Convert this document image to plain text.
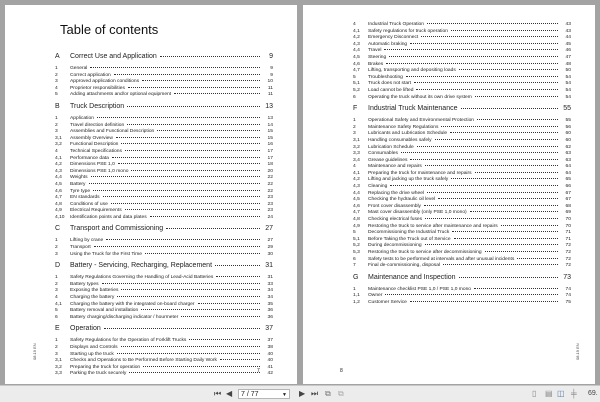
Table of contents
A	Correct Use and Application	9
1	General	9
2	Correct application	9
3	Approved application conditions	10
4	Proprietor responsibilities	11
5	Adding attachments and/or optional equipment	11
B	Truck Description	13
1	Application	13
2	Travel direction definition	14
3	Assemblies and Functional Description	15
3,1	Assembly Overview	15
3,2	Functional Description	16
4	Technical Specifications	17
4,1	Performance data	17
4,2	Dimensions PSE 1,0	18
4,3	Dimensions PSE 1,0 mono	20
4,4	Weights	22
4,5	Battery	22
4,6	Tyre type	22
4,7	EN standards	23
4,8	Conditions of use	23
4,9	Electrical Requirements	23
4,10	Identification points and data plates	24
C	Transport and Commissioning	27
1	Lifting by crane	27
2	Transport	29
3	Using the Truck for the First Time	30
D	Battery - Servicing, Recharging, Replacement	31
1	Safety Regulations Governing the Handling of Lead-Acid Batteries	31
2	Battery types	33
3	Exposing the batteries	34
4	Charging the battery	34
4,1	Charging the battery with the integrated on-board charger	35
5	Battery removal and installation	36
6	Battery charging/discharging indicator / hourmeter	36
E	Operation	37
1	Safety Regulations for the Operation of Forklift Trucks	37
2	Displays and Controls	38
3	Starting up the truck	40
3,1	Checks and Operations to Be Performed Before Starting Daily Work	40
3,2	Preparing the truck for operation	41
3,3	Parking the truck securely	42
08.19 EN
7
4	Industrial Truck Operation	43
4,1	Safety regulations for truck operation	43
4,2	Emergency Disconnect	44
4,3	Automatic braking	45
4,4	Travel	46
4,5	Steering	47
4,6	Brakes	48
4,7	Lifting, transporting and depositing loads	50
5	Troubleshooting	54
5,1	Truck does not start	54
5,2	Load cannot be lifted	54
6	Operating the truck without its own drive system	54
F	Industrial Truck Maintenance	55
1	Operational Safety and Environmental Protection	55
2	Maintenance Safety Regulations	56
3	Lubricants and Lubrication Schedule	60
3,1	Handling consumables safely	60
3,2	Lubrication Schedule	62
3,3	Consumables	63
3,4	Grease guidelines	63
4	Maintenance and repairs	64
4,1	Preparing the truck for maintenance and repairs	64
4,2	Lifting and jacking up the truck safely	65
4,3	Cleaning	66
4,4	Replacing the drive wheel	67
4,5	Checking the hydraulic oil level	67
4,6	Front cover disassembly	68
4,7	Mast cover disassembly (only PSE 1,0 mono)	69
4,8	Checking electrical fuses	70
4,9	Restoring the truck to service after maintenance and repairs	70
5	Decommissioning the Industrial Truck	71
5,1	Before Taking the Truck out of Service	71
5,2	During decommissioning	72
5,3	Restoring the truck to service after decommissioning	72
6	Safety tests to be performed at intervals and after unusual incidents	72
7	Final de-commissioning, disposal	72
G	Maintenance and Inspection	73
1	Maintenance checklist PSE 1,0 / PSE 1,0 mono	74
1,1	Owner	74
1,2	Customer Service	75
08.19 EN
8
⏮ ◀	7 / 77	▼ ▶ ⏭ ⧉ ⧉	▯ ▤ ◫ ╪ 69.
